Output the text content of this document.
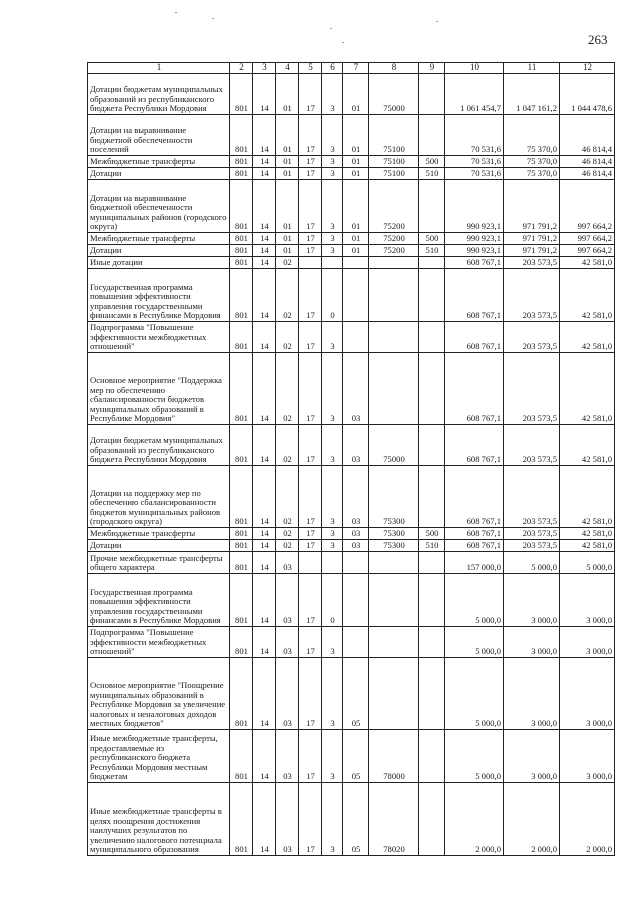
263
1	2	3	4	5	6	7	8	9	10	11	12
Дотации бюджетам муниципальных образований из республиканского бюджета Республики Мордовия	801	14	01	17	3	01	75000		1 061 454,7	1 047 161,2	1 044 478,6
Дотации на выравнивание бюджетной обеспеченности поселений	801	14	01	17	3	01	75100		70 531,6	75 370,0	46 814,4
Межбюджетные трансферты	801	14	01	17	3	01	75100	500	70 531,6	75 370,0	46 814,4
Дотации	801	14	01	17	3	01	75100	510	70 531,6	75 370,0	46 814,4
Дотации на выравнивание бюджетной обеспеченности муниципальных районов (городского округа)	801	14	01	17	3	01	75200		990 923,1	971 791,2	997 664,2
Межбюджетные трансферты	801	14	01	17	3	01	75200	500	990 923,1	971 791,2	997 664,2
Дотации	801	14	01	17	3	01	75200	510	990 923,1	971 791,2	997 664,2
Иные дотации	801	14	02						608 767,1	203 573,5	42 581,0
Государственная программа повышения эффективности управления государственными финансами в Республике Мордовия	801	14	02	17	0				608 767,1	203 573,5	42 581,0
Подпрограмма "Повышение эффективности межбюджетных отношений"	801	14	02	17	3				608 767,1	203 573,5	42 581,0
Основное мероприятие "Поддержка мер по обеспечению сбалансированности бюджетов муниципальных образований в Республике Мордовия"	801	14	02	17	3	03			608 767,1	203 573,5	42 581,0
Дотации бюджетам муниципальных образований из республиканского бюджета Республики Мордовия	801	14	02	17	3	03	75000		608 767,1	203 573,5	42 581,0
Дотации на поддержку мер по обеспечению сбалансированности бюджетов муниципальных районов (городского округа)	801	14	02	17	3	03	75300		608 767,1	203 573,5	42 581,0
Межбюджетные трансферты	801	14	02	17	3	03	75300	500	608 767,1	203 573,5	42 581,0
Дотации	801	14	02	17	3	03	75300	510	608 767,1	203 573,5	42 581,0
Прочие межбюджетные трансферты общего характера	801	14	03						157 000,0	5 000,0	5 000,0
Государственная программа повышения эффективности управления государственными финансами в Республике Мордовия	801	14	03	17	0				5 000,0	3 000,0	3 000,0
Подпрограмма "Повышение эффективности межбюджетных отношений"	801	14	03	17	3				5 000,0	3 000,0	3 000,0
Основное мероприятие "Поощрение муниципальных образований в Республике Мордовия за увеличение налоговых и неналоговых доходов местных бюджетов"	801	14	03	17	3	05			5 000,0	3 000,0	3 000,0
Иные межбюджетные трансферты, предоставляемые из республиканского бюджета Республики Мордовия местным бюджетам	801	14	03	17	3	05	78000		5 000,0	3 000,0	3 000,0
Иные межбюджетные трансферты в целях поощрения достижения наилучших результатов по увеличению налогового потенциала муниципального образования	801	14	03	17	3	05	78020		2 000,0	2 000,0	2 000,0
